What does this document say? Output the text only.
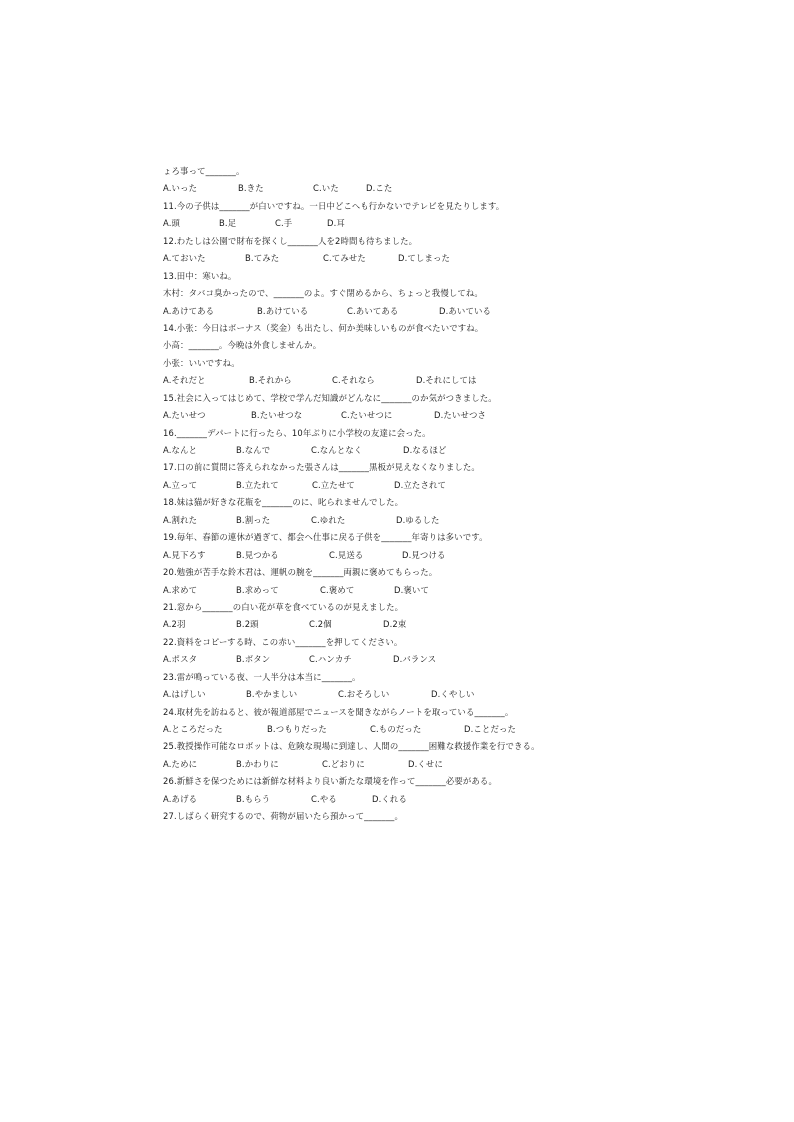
ょろ事って_______。
A.いった	B.きた	C.いた	D.こた
11.今の子供は_______が白いですね。一日中どこへも行かないでテレビを見たりします。
A.頭	B.足	C.手	D.耳
12.わたしは公園で財布を探くし_______人を2時間も待ちました。
A.ておいた	B.てみた	C.てみせた	D.てしまった
13.田中：寒いね。
木村：タバコ臭かったので、_______のよ。すぐ閉めるから、ちょっと我慢してね。
A.あけてある	B.あけている	C.あいてある	D.あいている
14.小张：今日はボーナス（奖金）も出たし、何か美味しいものが食べたいですね。
小高：_______。今晩は外食しませんか。
小张：いいですね。
A.それだと	B.それから	C.それなら	D.それにしては
15.社会に入ってはじめて、学校で学んだ知識がどんなに_______のか気がつきました。
A.たいせつ	B.たいせつな	C.たいせつに	D.たいせつさ
16._______デパートに行ったら、10年ぶりに小学校の友達に会った。
A.なんと	B.なんで	C.なんとなく	D.なるほど
17.口の前に質問に答えられなかった張さんは_______黒板が見えなくなりました。
A.立って	B.立たれて	C.立たせて	D.立たされて
18.妹は猫が好きな花瓶を_______のに、叱られませんでした。
A.割れた	B.割った	C.ゆれた	D.ゆるした
19.毎年、春節の連休が過ぎて、都会へ仕事に戻る子供を_______年寄りは多いです。
A.見下ろす	B.見つかる	C.見送る	D.見つける
20.勉強が苦手な鈴木君は、運帆の腕を_______両親に褒めてもらった。
A.求めて	B.求めって	C.褒めて	D.褒いて
21.窓から_______の白い花が草を食べているのが見えました。
A.2羽	B.2頭	C.2個	D.2束
22.資料をコピーする時、この赤い_______を押してください。
A.ポスタ	B.ボタン	C.ハンカチ	D.バランス
23.雷が鳴っている夜、一人半分は本当に_______。
A.はげしい	B.やかましい	C.おそろしい	D.くやしい
24.取材先を訪ねると、彼が報道部屋でニュースを聞きながらノートを取っている_______。
A.ところだった	B.つもりだった	C.ものだった	D.ことだった
25.教授操作可能なロボットは、危険な現場に到達し、人間の_______困難な救援作業を行できる。
A.ために	B.かわりに	C.どおりに	D.くせに
26.新鮮さを保つためには新鮮な材料より良い新たな環境を作って_______必要がある。
A.あげる	B.もらう	C.やる	D.くれる
27.しばらく研究するので、荷物が届いたら預かって_______。
